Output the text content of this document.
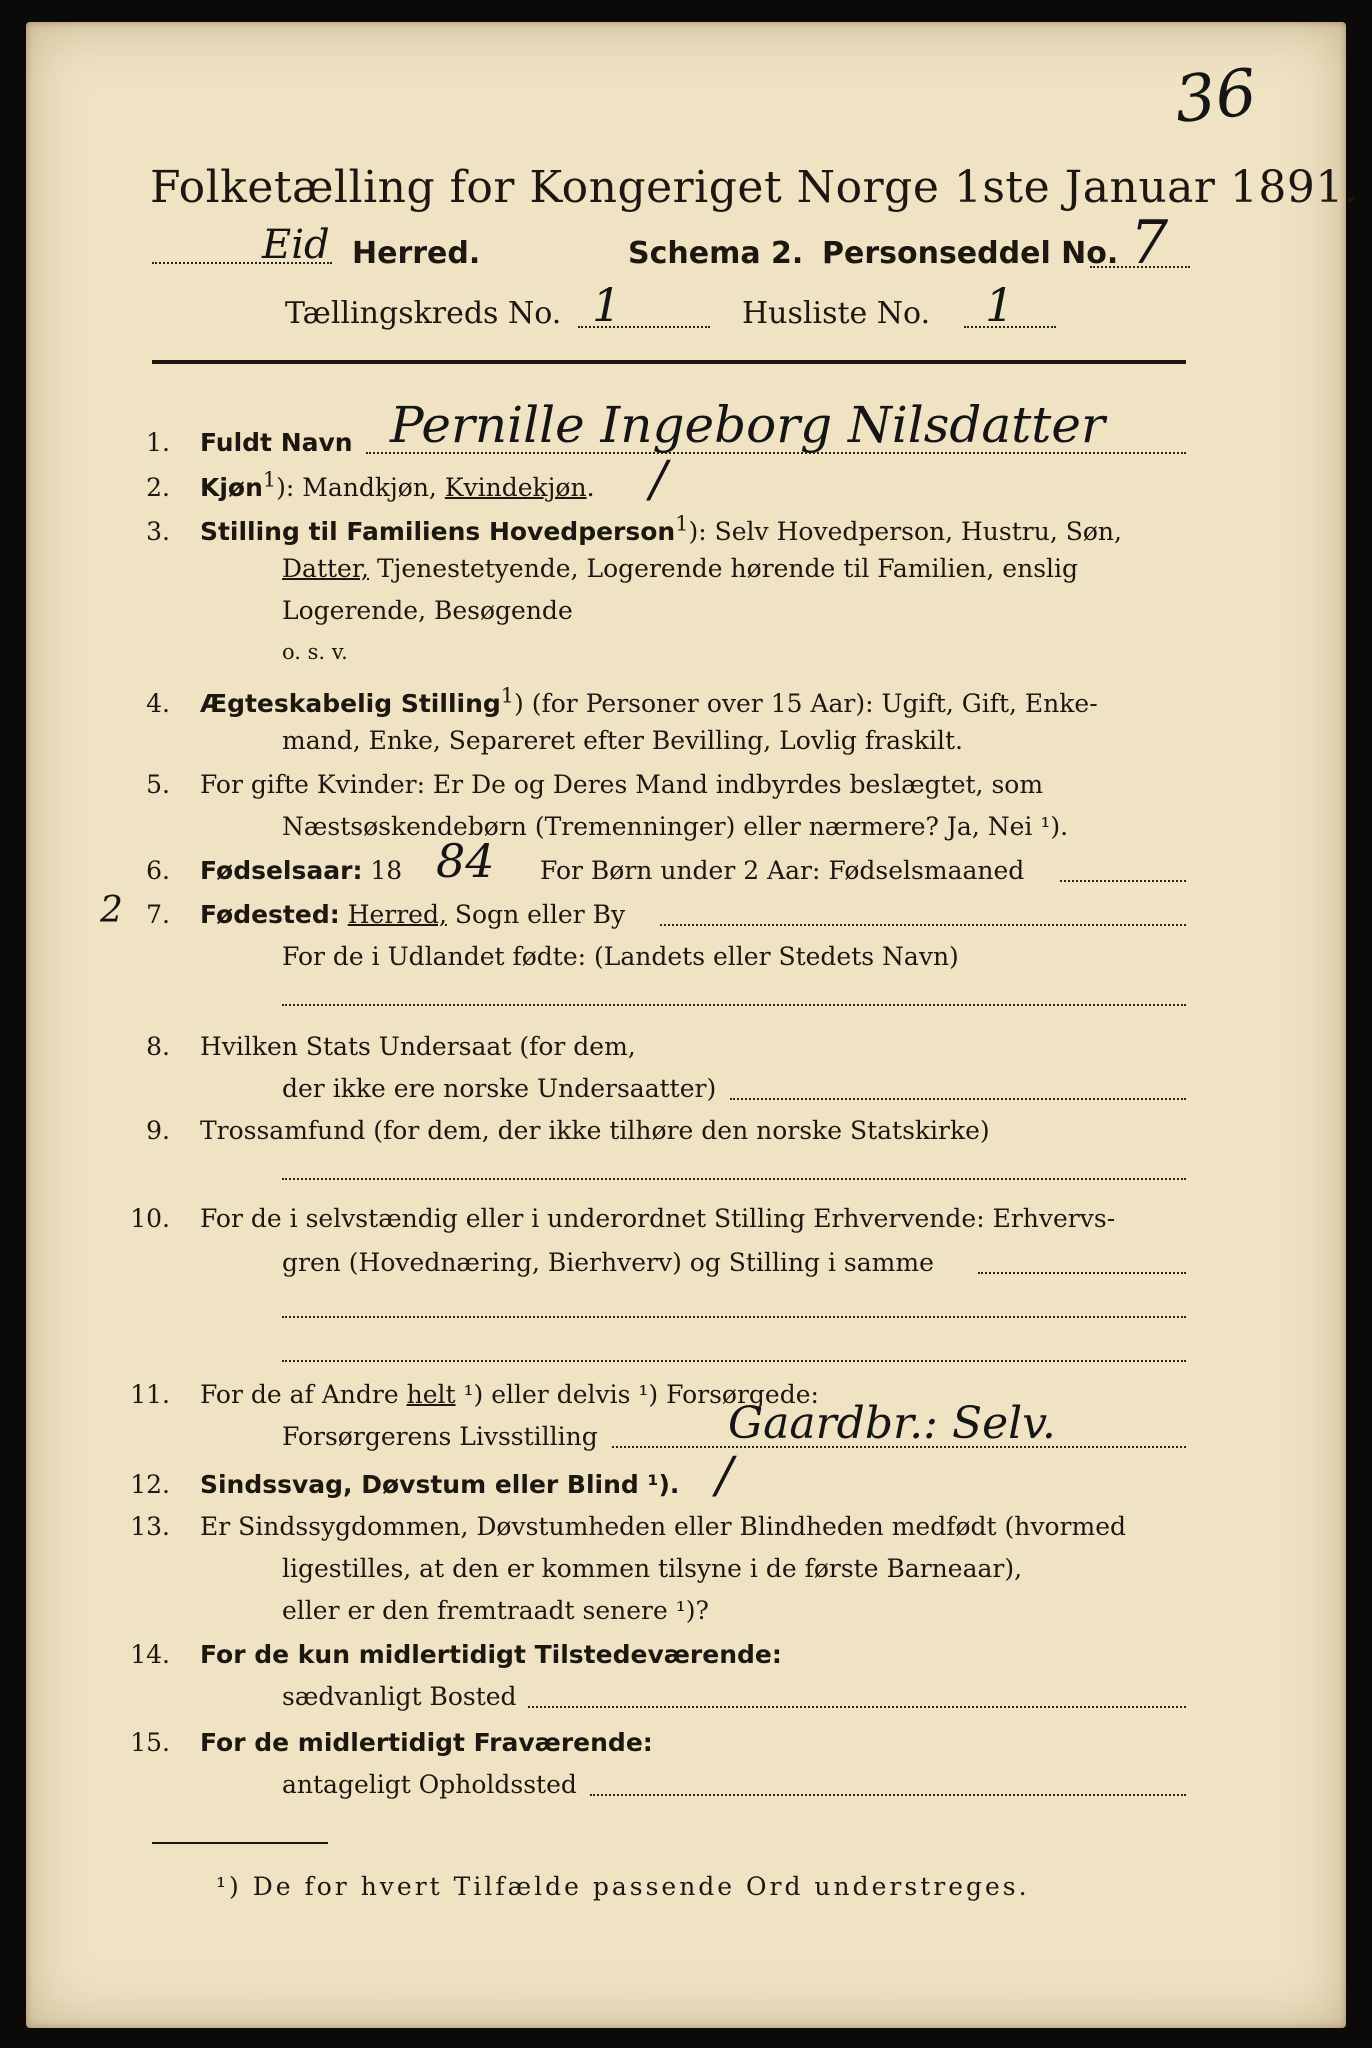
36
Folketælling for Kongeriget Norge 1ste Januar 1891.
Eid Herred.	Schema 2. Personseddel No. 7
Tællingskreds No. 1	Husliste No. 1
1. Fuldt Navn Pernille Ingeborg Nilsdatter
2. Kjøn$^1$): Mandkjøn, Kvindekjøn. /
3. Stilling til Familiens Hovedperson$^1$): Selv Hovedperson, Hustru, Søn,
Datter, Tjenestetyende, Logerende hørende til Familien, enslig
Logerende, Besøgende
o. s. v.
4. Ægteskabelig Stilling$^1$) (for Personer over 15 Aar): Ugift, Gift, Enke-
mand, Enke, Separeret efter Bevilling, Lovlig fraskilt.
5. For gifte Kvinder: Er De og Deres Mand indbyrdes beslægtet, som
Næstsøskendebørn (Tremenninger) eller nærmere? Ja, Nei ¹).
6. Fødselsaar: 18 84 For Børn under 2 Aar: Fødselsmaaned
2 7. Fødested: Herred, Sogn eller By
For de i Udlandet fødte: (Landets eller Stedets Navn)
8. Hvilken Stats Undersaat (for dem,
der ikke ere norske Undersaatter)
9. Trossamfund (for dem, der ikke tilhøre den norske Statskirke)
10. For de i selvstændig eller i underordnet Stilling Erhvervende: Erhvervs-
gren (Hovednæring, Bierhverv) og Stilling i samme
11. For de af Andre helt ¹) eller delvis ¹) Forsørgede:
Forsørgerens Livsstilling	Gaardbr.: Selv.
12. Sindssvag, Døvstum eller Blind ¹). /
13. Er Sindssygdommen, Døvstumheden eller Blindheden medfødt (hvormed
ligestilles, at den er kommen tilsyne i de første Barneaar),
eller er den fremtraadt senere ¹)?
14. For de kun midlertidigt Tilstedeværende:
sædvanligt Bosted
15. For de midlertidigt Fraværende:
antageligt Opholdssted
¹) De for hvert Tilfælde passende Ord understreges.
